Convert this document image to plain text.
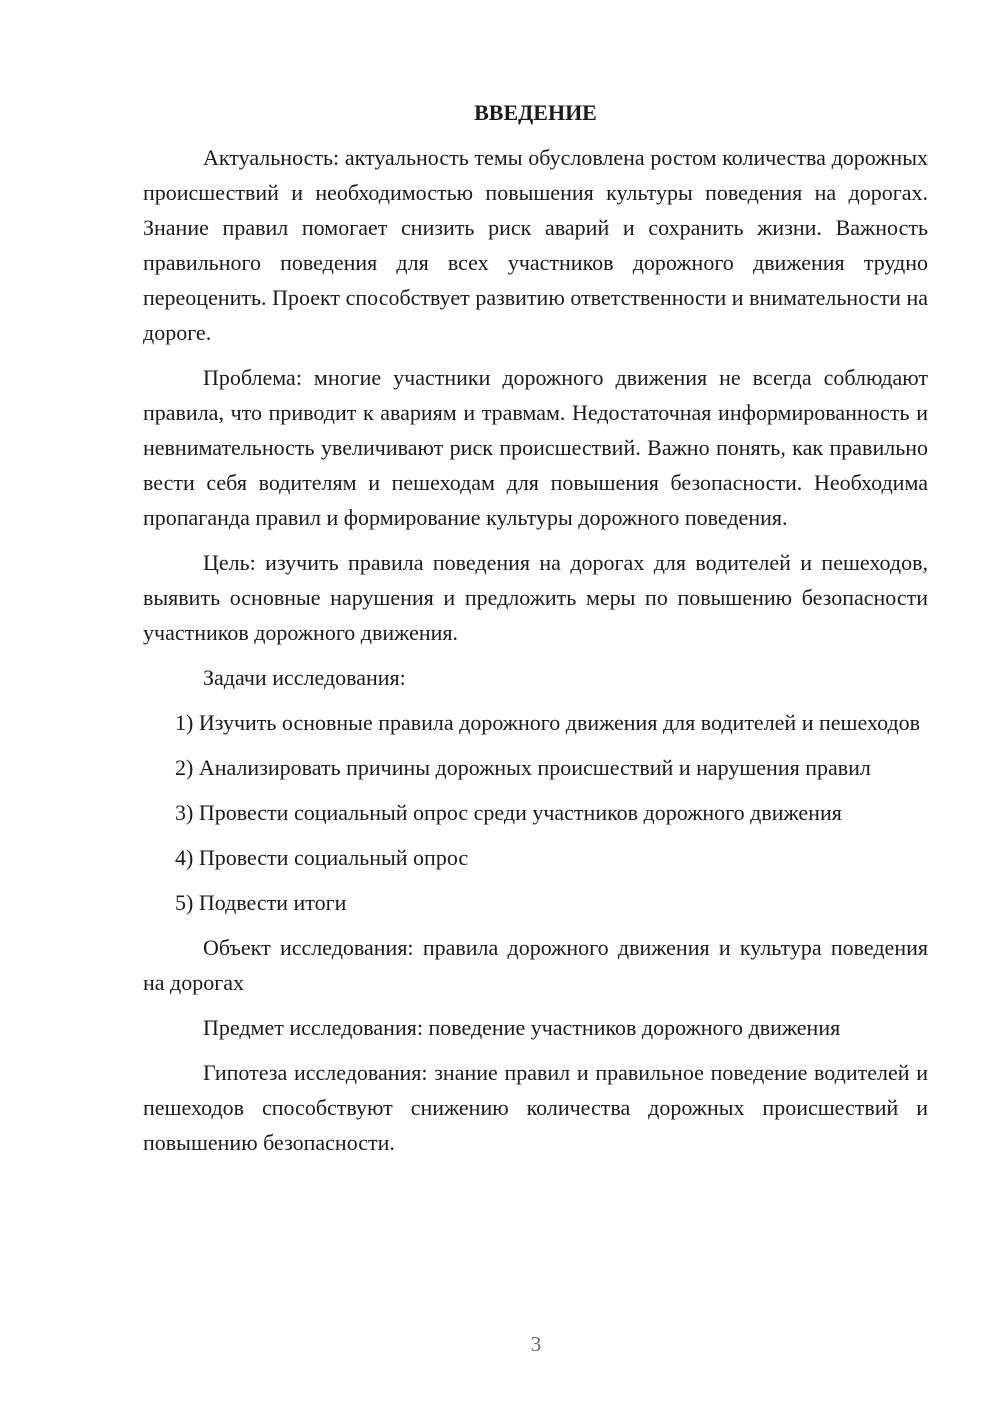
ВВЕДЕНИЕ

Актуальность: актуальность темы обусловлена ростом количества дорожных происшествий и необходимостью повышения культуры поведения на дорогах. Знание правил помогает снизить риск аварий и сохранить жизни. Важность правильного поведения для всех участников дорожного движения трудно переоценить. Проект способствует развитию ответственности и внимательности на дороге.

Проблема: многие участники дорожного движения не всегда соблюдают правила, что приводит к авариям и травмам. Недостаточная информированность и невнимательность увеличивают риск происшествий. Важно понять, как правильно вести себя водителям и пешеходам для повышения безопасности. Необходима пропаганда правил и формирование культуры дорожного поведения.

Цель: изучить правила поведения на дорогах для водителей и пешеходов, выявить основные нарушения и предложить меры по повышению безопасности участников дорожного движения.

Задачи исследования:

1) Изучить основные правила дорожного движения для водителей и пешеходов

2) Анализировать причины дорожных происшествий и нарушения правил

3) Провести социальный опрос среди участников дорожного движения

4) Провести социальный опрос

5) Подвести итоги

Объект исследования: правила дорожного движения и культура поведения на дорогах

Предмет исследования: поведение участников дорожного движения

Гипотеза исследования: знание правил и правильное поведение водителей и пешеходов способствуют снижению количества дорожных происшествий и повышению безопасности.

3
